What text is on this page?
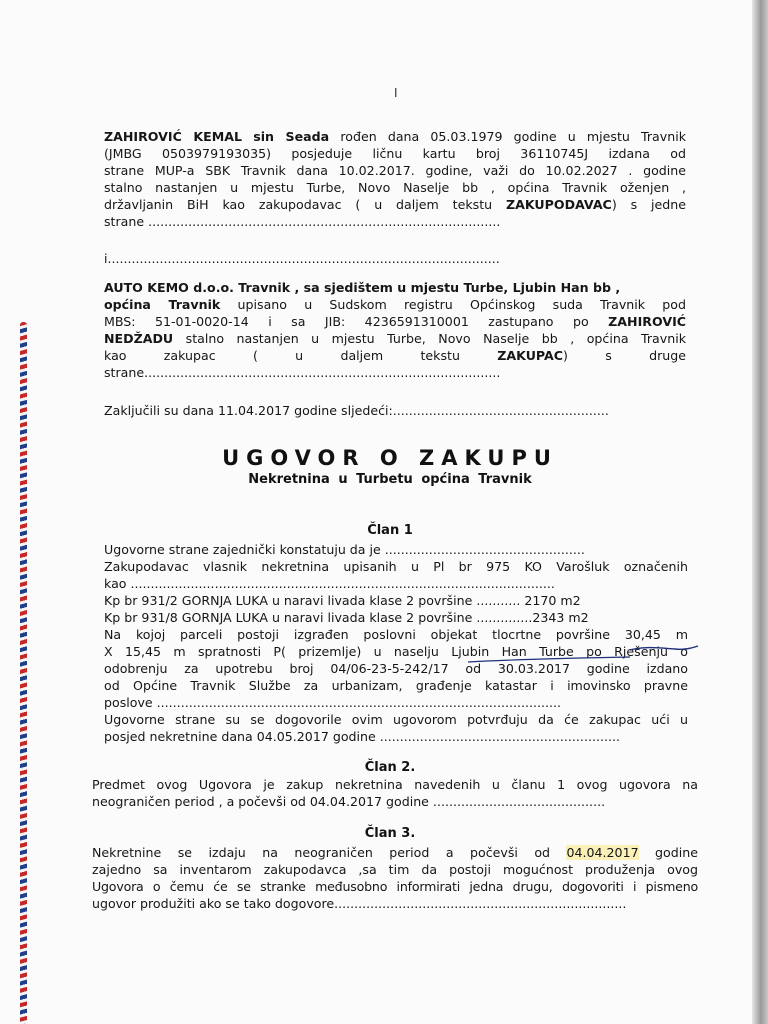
I

ZAHIROVIĆ KEMAL sin Seada rođen dana 05.03.1979 godine u mjestu Travnik

(JMBG 0503979193035) posjeduje ličnu kartu broj 36110745J izdana od

strane MUP-a SBK Travnik dana 10.02.2017. godine, važi do 10.02.2027 . godine

stalno nastanjen u mjestu Turbe, Novo Naselje bb , općina Travnik oženjen ,

državljanin BiH kao zakupodavac ( u daljem tekstu ZAKUPODAVAC) s jedne

strane ........................................................................................

i..................................................................................................

AUTO KEMO d.o.o. Travnik , sa sjedištem u mjestu Turbe, Ljubin Han bb ,

općina Travnik upisano u Sudskom registru Općinskog suda Travnik pod

MBS: 51-01-0020-14 i sa JIB: 4236591310001 zastupano po ZAHIROVIĆ

NEDŽADU stalno nastanjen u mjestu Turbe, Novo Naselje bb , općina Travnik

kao zakupac ( u daljem tekstu	ZAKUPAC) s druge

strane.........................................................................................

Zaključili su dana 11.04.2017 godine sljedeći:......................................................

UGOVOR O ZAKUPU
Nekretnina u Turbetu općina Travnik
Član 1

Ugovorne strane zajednički konstatuju da je ..................................................

Zakupodavac vlasnik nekretnina upisanih u Pl br 975 KO Varošluk označenih

kao ..........................................................................................................

Kp br 931/2 GORNJA LUKA u naravi livada klase 2 površine ........... 2170 m2

Kp br 931/8 GORNJA LUKA u naravi livada klase 2 površine ..............2343 m2

Na kojoj parceli postoji izgrađen poslovni objekat tlocrtne površine 30,45 m

X 15,45 m spratnosti P( prizemlje) u naselju Ljubin Han Turbe po Rješenju o

odobrenju za upotrebu broj 04/06-23-5-242/17 od 30.03.2017 godine izdano

od Općine Travnik Službe za urbanizam, građenje katastar i imovinsko pravne

poslove .....................................................................................................

Ugovorne strane su se dogovorile ovim ugovorom potvrđuju da će zakupac ući u

posjed nekretnine dana 04.05.2017 godine ............................................................

Član 2.

Predmet ovog Ugovora je zakup nekretnina navedenih u članu 1 ovog ugovora na

neograničen period , a počevši od 04.04.2017 godine ...........................................

Član 3.

Nekretnine se izdaju na neograničen period a počevši od 04.04.2017 godine

zajedno sa inventarom zakupodavca ,sa tim da postoji mogućnost produženja ovog

Ugovora o čemu će se stranke međusobno informirati jedna drugu, dogovoriti i pismeno

ugovor produžiti ako se tako dogovore.........................................................................
